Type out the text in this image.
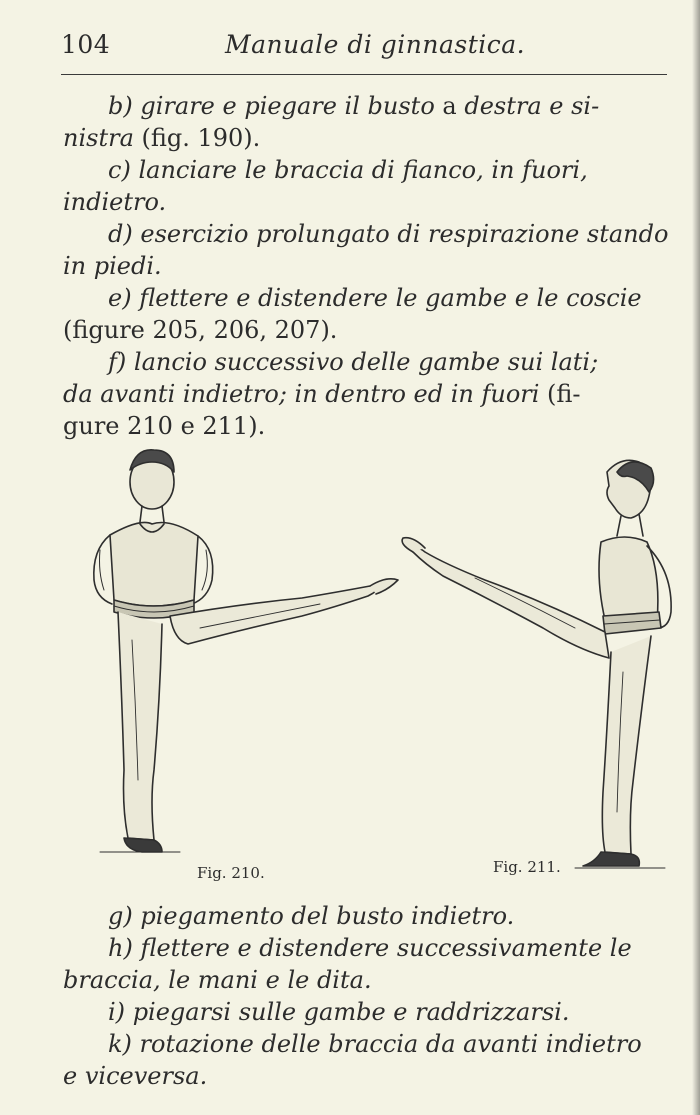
104	Manuale di ginnastica.
b) girare e piegare il busto a destra e si-
nistra (fig. 190).
c) lanciare le braccia di fianco, in fuori,
indietro.
d) esercizio prolungato di respirazione stando
in piedi.
e) flettere e distendere le gambe e le coscie
(figure 205, 206, 207).
f) lancio successivo delle gambe sui lati;
da avanti indietro; in dentro ed in fuori (fi-
gure 210 e 211).
Fig. 210.	Fig. 211.
g) piegamento del busto indietro.
h) flettere e distendere successivamente le
braccia, le mani e le dita.
i) piegarsi sulle gambe e raddrizzarsi.
k) rotazione delle braccia da avanti indietro
e viceversa.
